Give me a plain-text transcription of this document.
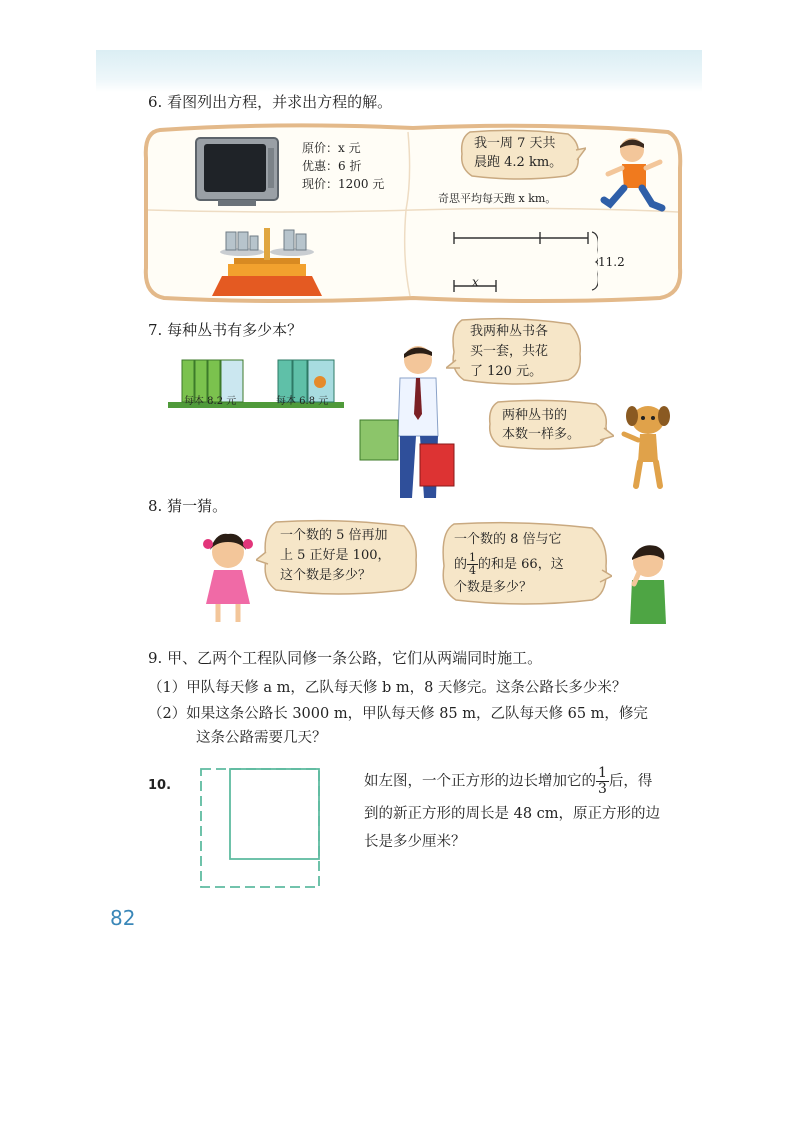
6. 看图列出方程，并求出方程的解。
原价：x 元
优惠：6 折
现价：1200 元
我一周 7 天共
晨跑 4.2 km。
奇思平均每天跑 x km。
11.2
x
7. 每种丛书有多少本？
每本 8.2 元	每本 6.8 元
我两种丛书各
买一套，共花
了 120 元。
两种丛书的
本数一样多。
8. 猜一猜。
一个数的 5 倍再加
上 5 正好是 100，
这个数是多少？
一个数的 8 倍与它
的 $\frac{1}{4}$ 的和是 66，这
个数是多少？
9. 甲、乙两个工程队同修一条公路，它们从两端同时施工。
（1）甲队每天修 a m，乙队每天修 b m，8 天修完。这条公路长多少米？
（2）如果这条公路长 3000 m，甲队每天修 85 m，乙队每天修 65 m，修完
这条公路需要几天？
10.	如左图，一个正方形的边长增加它的 $\frac{1}{3}$ 后，得
到的新正方形的周长是 48 cm，原正方形的边
长是多少厘米？
82
